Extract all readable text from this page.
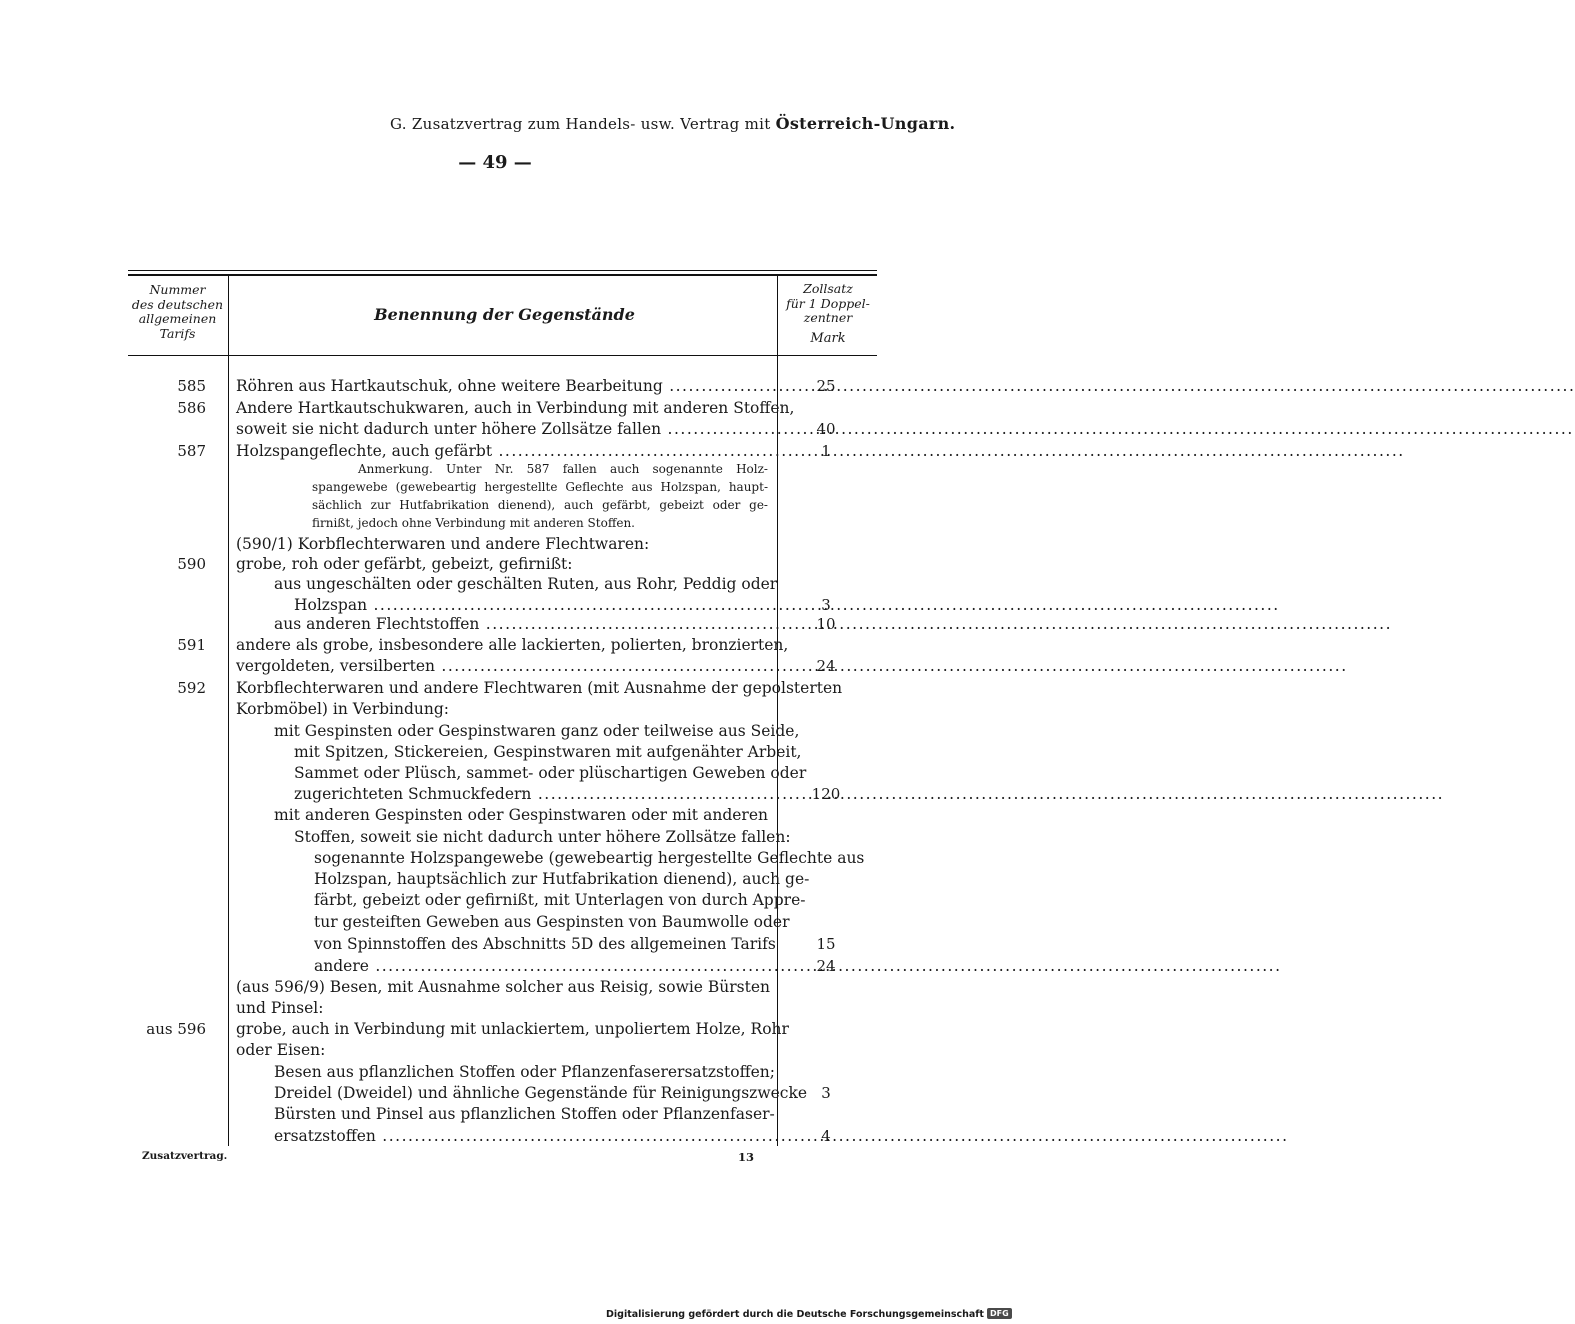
G. Zusatzvertrag zum Handels- usw. Vertrag mit Österreich-Ungarn.
— 49 —
Nummer
des deutschen
allgemeinen
Tarifs
Benennung der Gegenstände
Zollsatz
für 1 Doppel-
zentner
Mark
585 Röhren aus Hartkautschuk, ohne weitere Bearbeitung .....	25
586 Andere Hartkautschukwaren, auch in Verbindung mit anderen Stoffen,
soweit sie nicht dadurch unter höhere Zollsätze fallen .....	40
587 Holzspangeflechte, auch gefärbt .....	1
Anmerkung. Unter Nr. 587 fallen auch sogenannte Holz-
spangewebe (gewebeartig hergestellte Geflechte aus Holzspan, haupt-
sächlich zur Hutfabrikation dienend), auch gefärbt, gebeizt oder ge-
firnißt, jedoch ohne Verbindung mit anderen Stoffen.
(590/1) Korbflechterwaren und andere Flechtwaren:
590 grobe, roh oder gefärbt, gebeizt, gefirnißt:
aus ungeschälten oder geschälten Ruten, aus Rohr, Peddig oder
Holzspan .....	3
aus anderen Flechtstoffen .....	10
591 andere als grobe, insbesondere alle lackierten, polierten, bronzierten,
vergoldeten, versilberten .....	24
592 Korbflechterwaren und andere Flechtwaren (mit Ausnahme der gepolsterten
Korbmöbel) in Verbindung:
mit Gespinsten oder Gespinstwaren ganz oder teilweise aus Seide,
mit Spitzen, Stickereien, Gespinstwaren mit aufgenähter Arbeit,
Sammet oder Plüsch, sammet- oder plüschartigen Geweben oder
zugerichteten Schmuckfedern .....	120
mit anderen Gespinsten oder Gespinstwaren oder mit anderen
Stoffen, soweit sie nicht dadurch unter höhere Zollsätze fallen:
sogenannte Holzspangewebe (gewebeartig hergestellte Geflechte aus
Holzspan, hauptsächlich zur Hutfabrikation dienend), auch ge-
färbt, gebeizt oder gefirnißt, mit Unterlagen von durch Appre-
tur gesteiften Geweben aus Gespinsten von Baumwolle oder
von Spinnstoffen des Abschnitts 5D des allgemeinen Tarifs	15
andere .....	24
(aus 596/9) Besen, mit Ausnahme solcher aus Reisig, sowie Bürsten
und Pinsel:
aus 596 grobe, auch in Verbindung mit unlackiertem, unpoliertem Holze, Rohr
oder Eisen:
Besen aus pflanzlichen Stoffen oder Pflanzenfaserersatzstoffen;
Dreidel (Dweidel) und ähnliche Gegenstände für Reinigungszwecke 3
Bürsten und Pinsel aus pflanzlichen Stoffen oder Pflanzenfaser-
ersatzstoffen .....	4
Zusatzvertrag.	13
Digitalisierung gefördert durch die Deutsche Forschungsgemeinschaft DFG
